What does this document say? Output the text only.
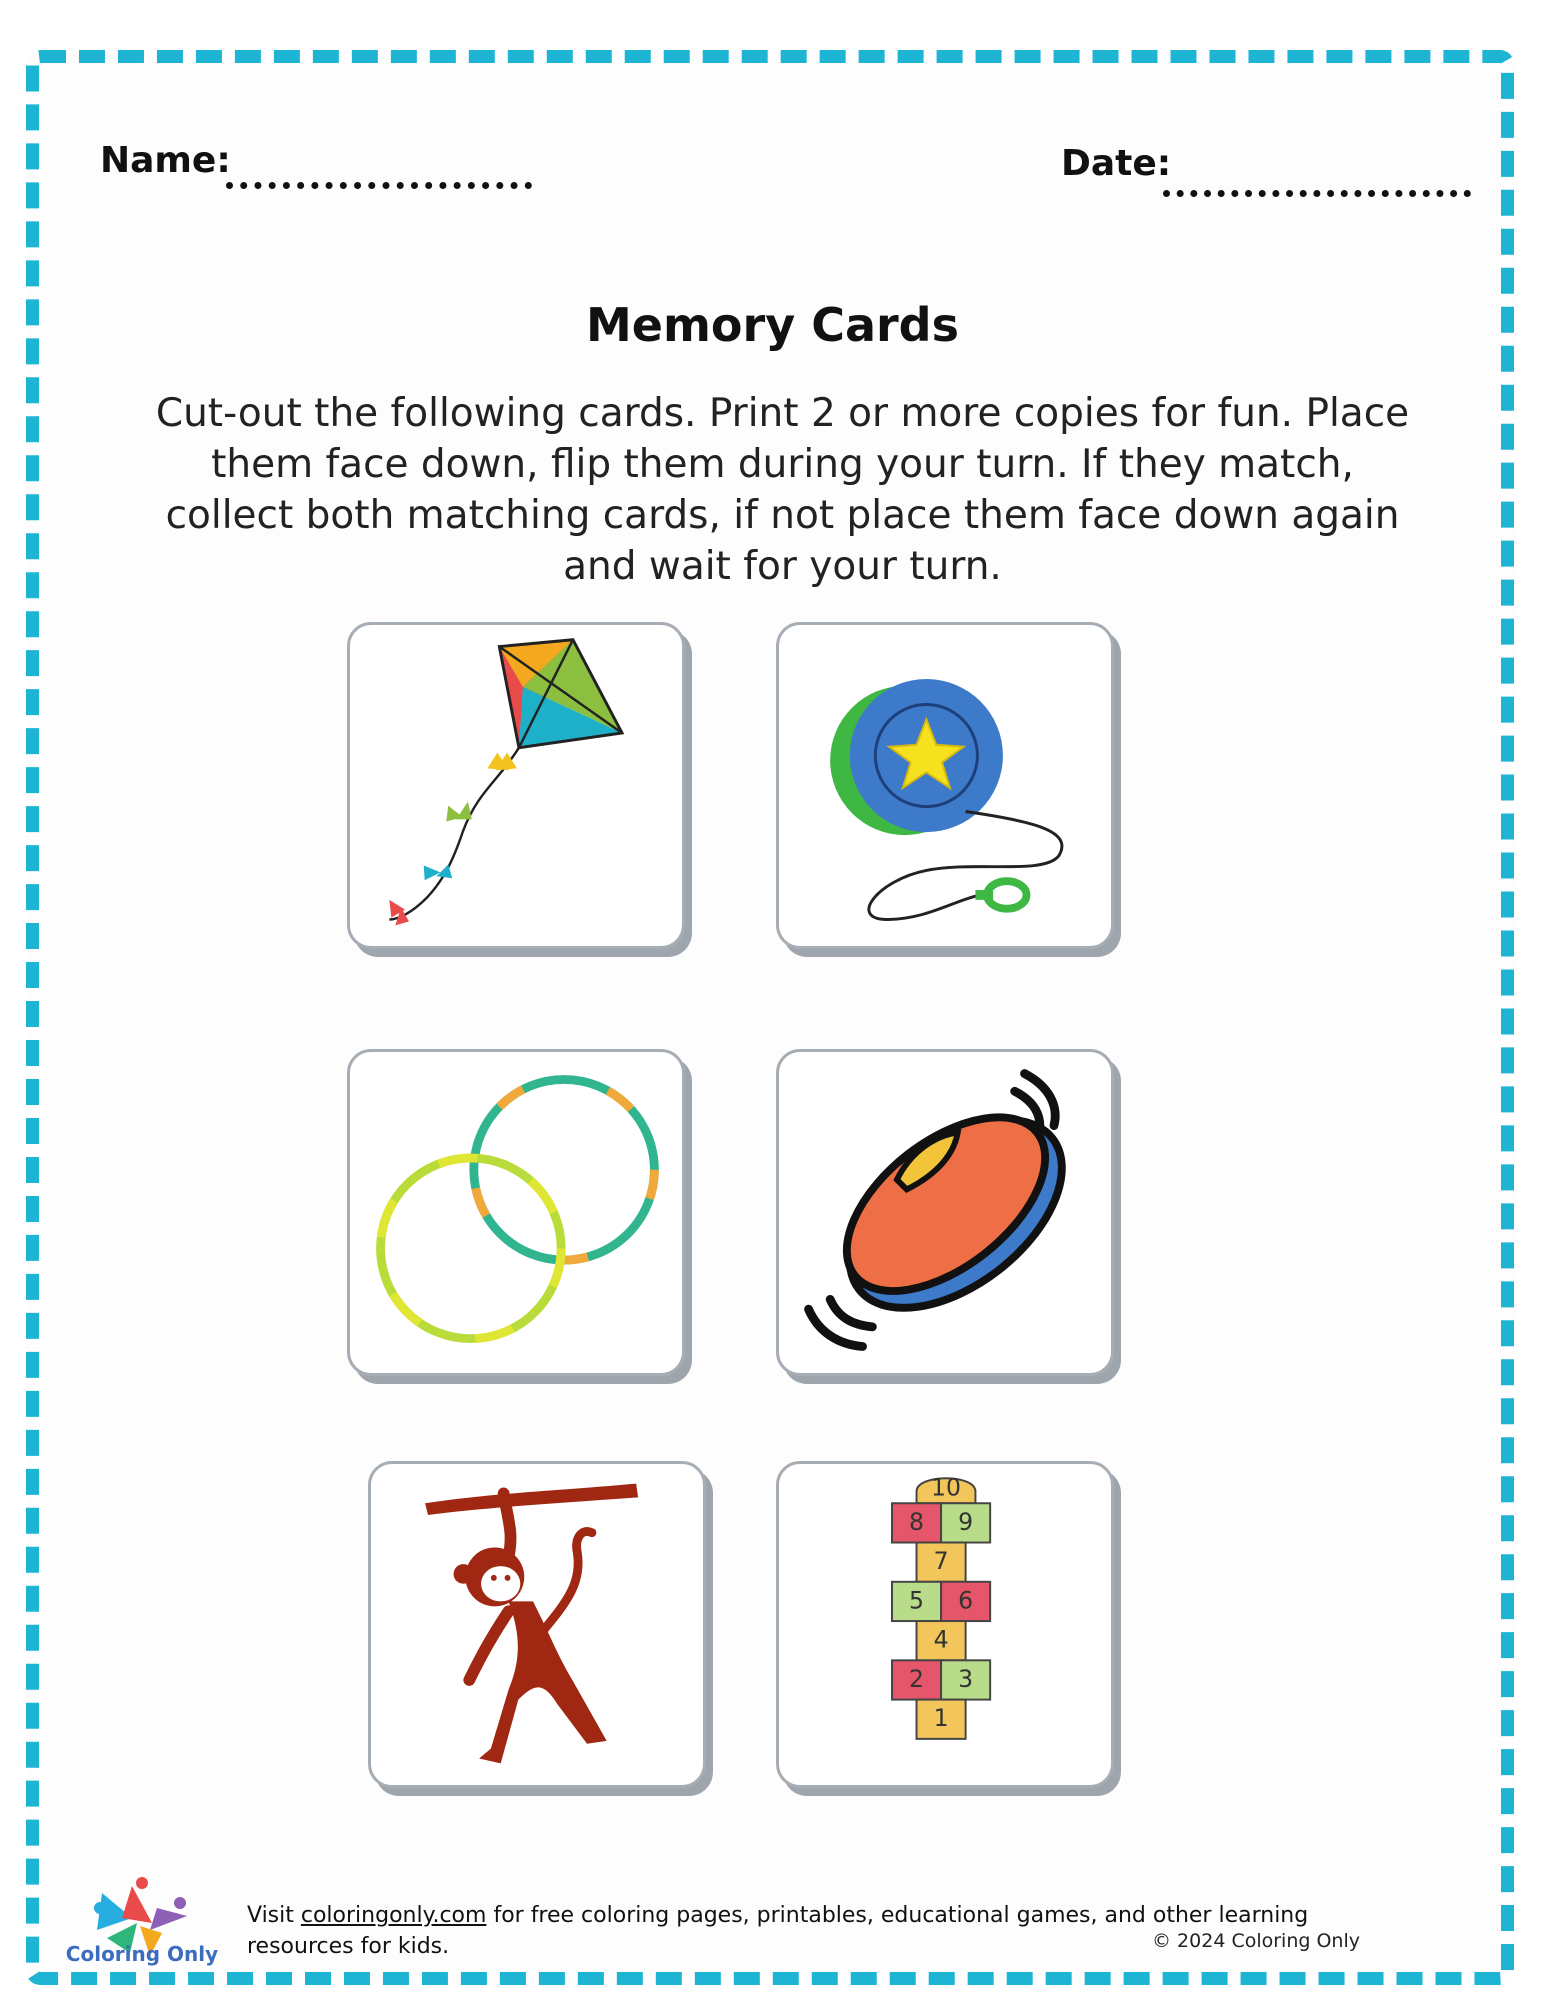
Name:	Date:
Memory Cards
Cut-out the following cards. Print 2 or more copies for fun. Place them face down, flip them during your turn. If they match, collect both matching cards, if not place them face down again and wait for your turn.
10
8 9
7
5 6
4
2 3
1
Coloring Only
Visit coloringonly.com for free coloring pages, printables, educational games, and other learning resources for kids.	© 2024 Coloring Only
